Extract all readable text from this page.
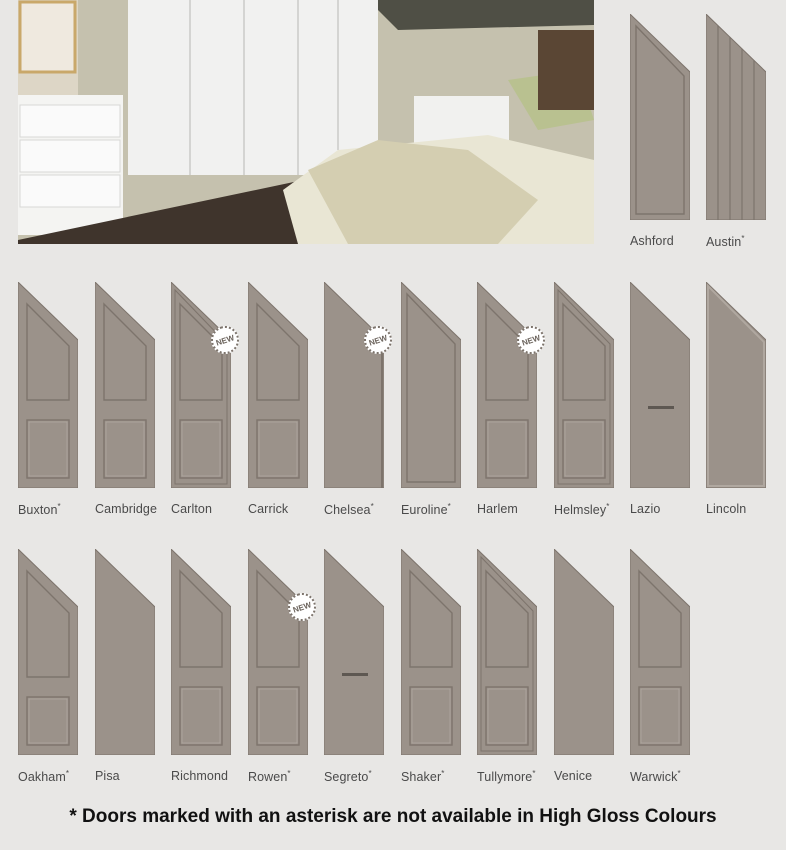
Ashford	Austin*
Buxton*	Cambridge
NEW
Carlton	Carrick
NEW
Chelsea* Euroline*
NEW
Harlem	Helmsley* Lazio	Lincoln
Oakham* Pisa	Richmond
NEW
Rowen*	Segreto* Shaker*	Tullymore* Venice	Warwick*
* Doors marked with an asterisk are not available in High Gloss Colours
